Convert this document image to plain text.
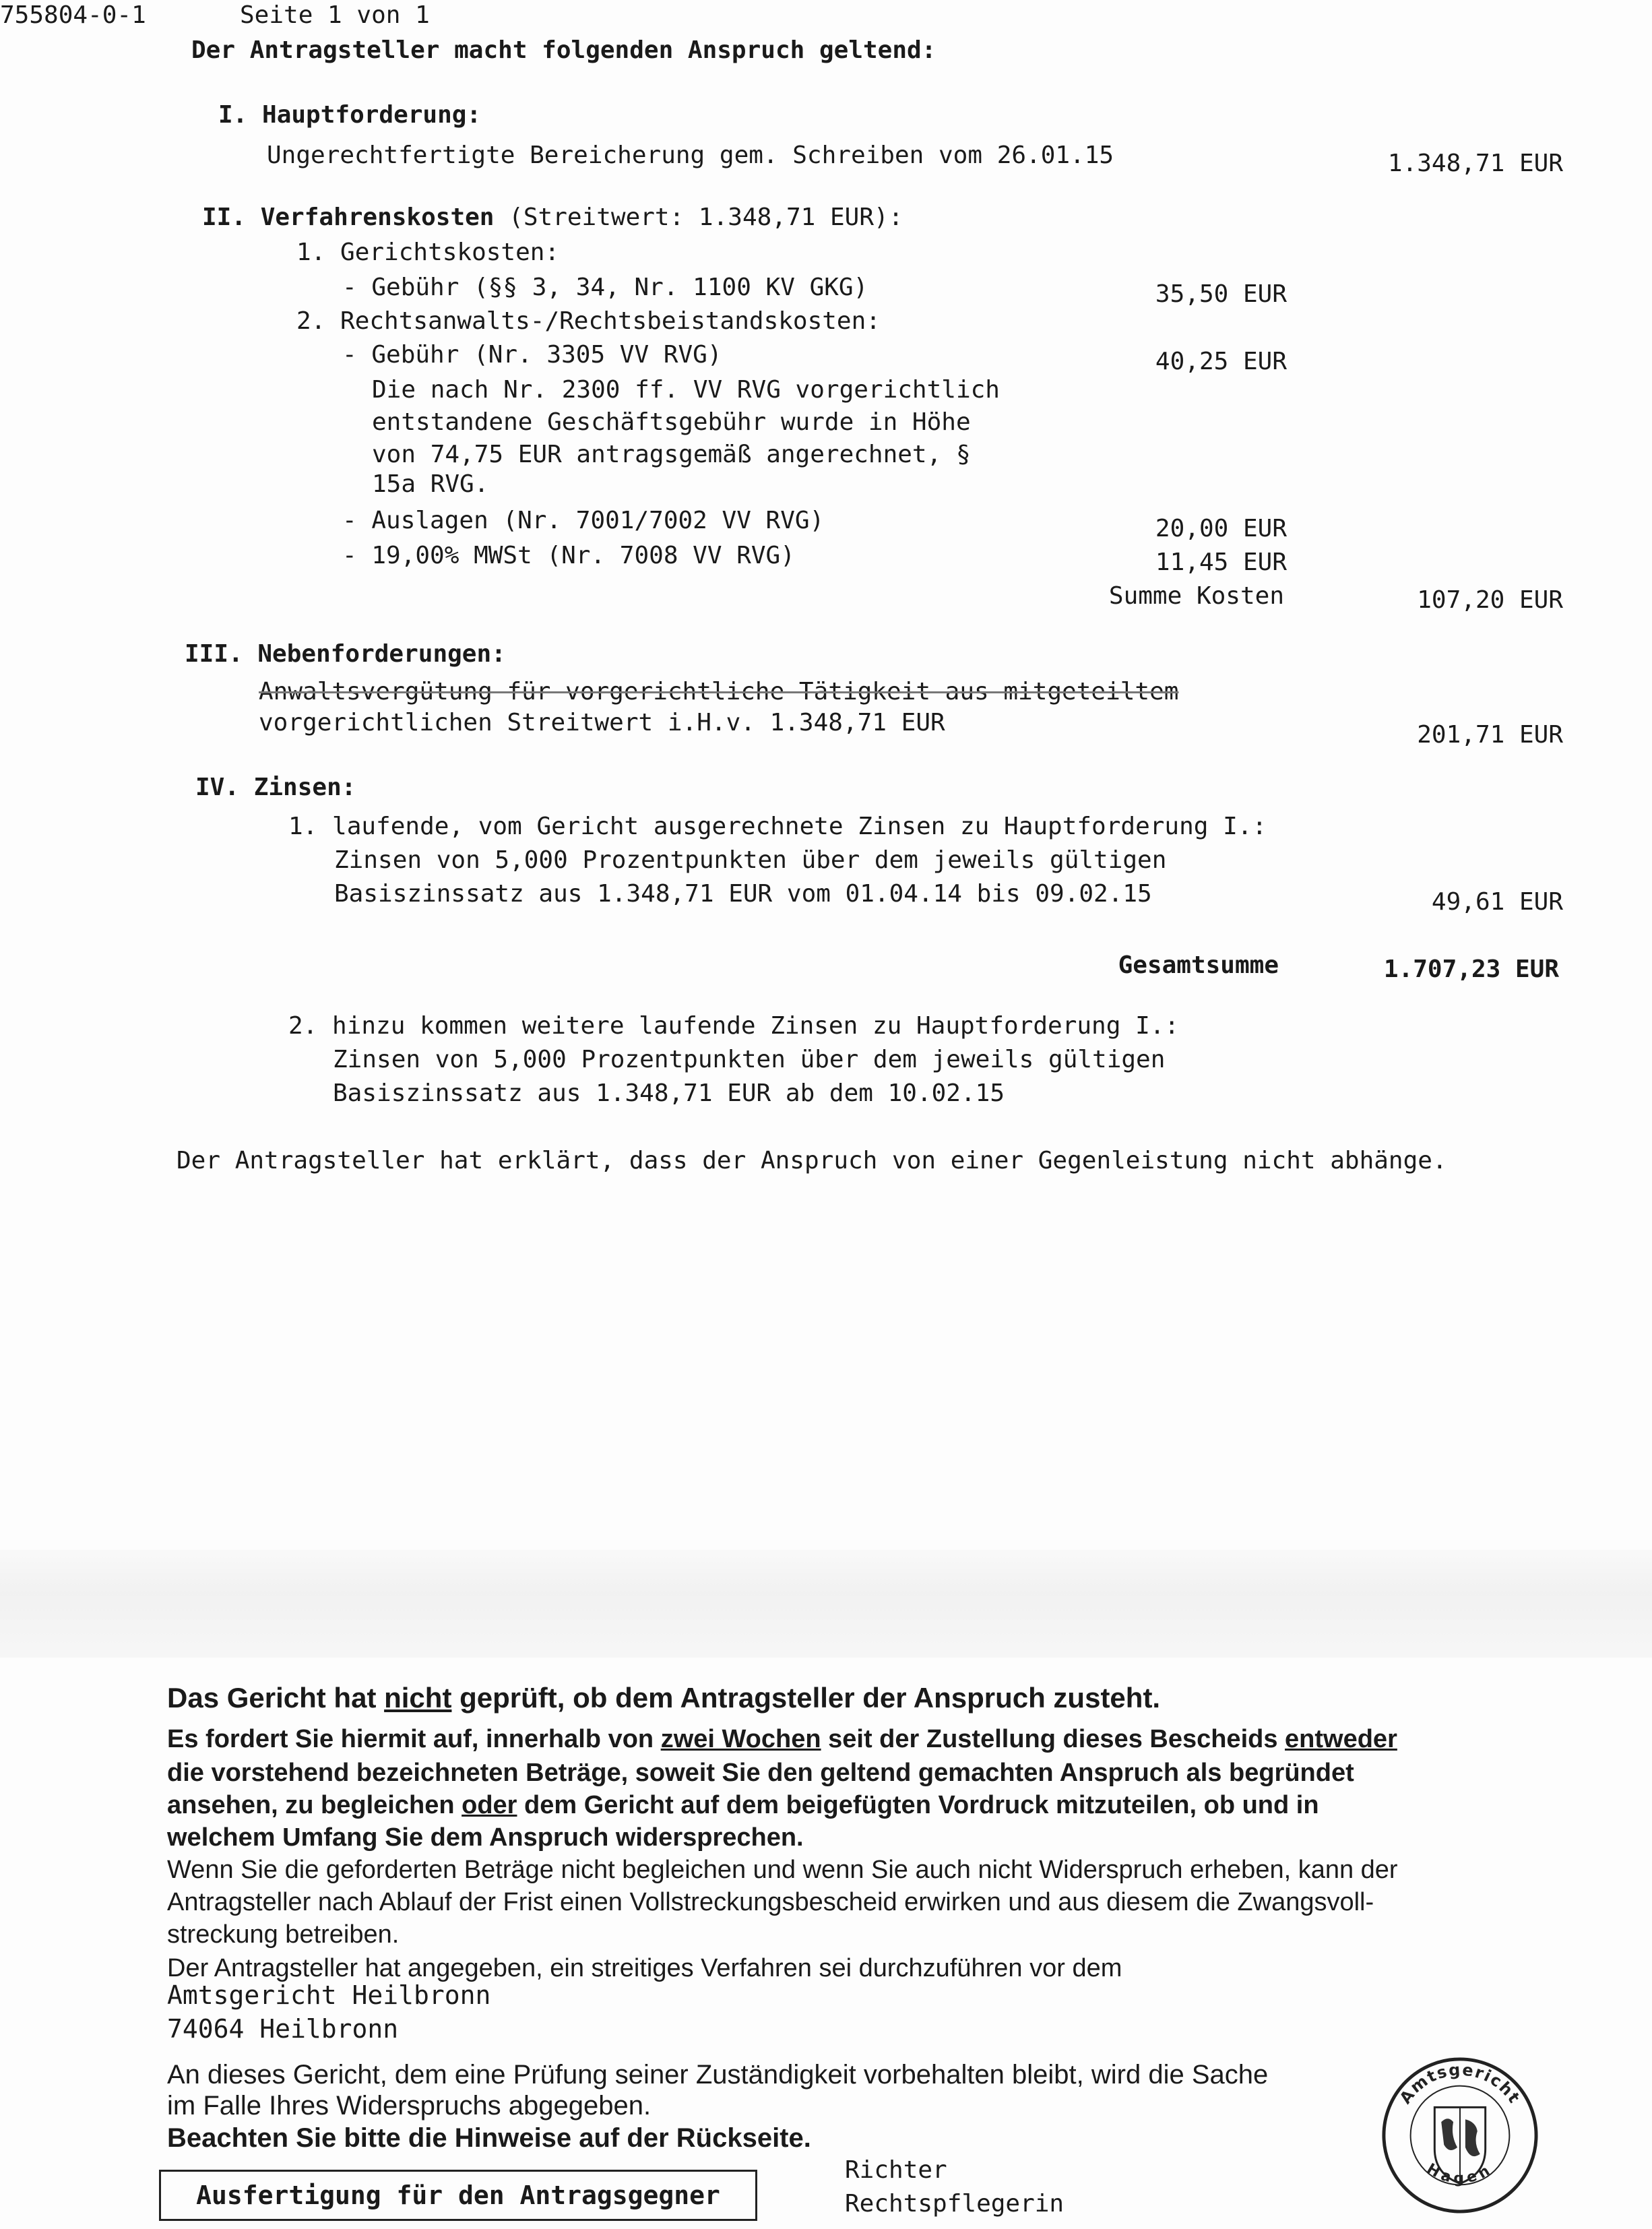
755804-0-1	Seite 1 von 1
Der Antragsteller macht folgenden Anspruch geltend:
I. Hauptforderung:
Ungerechtfertigte Bereicherung gem. Schreiben vom 26.01.15	1.348,71 EUR
II. Verfahrenskosten (Streitwert: 1.348,71 EUR):
1. Gerichtskosten:
- Gebühr (§§ 3, 34, Nr. 1100 KV GKG)	35,50 EUR
2. Rechtsanwalts-/Rechtsbeistandskosten:
- Gebühr (Nr. 3305 VV RVG)	40,25 EUR
Die nach Nr. 2300 ff. VV RVG vorgerichtlich
entstandene Geschäftsgebühr wurde in Höhe
von 74,75 EUR antragsgemäß angerechnet, §
15a RVG.
- Auslagen (Nr. 7001/7002 VV RVG)	20,00 EUR
- 19,00% MWSt (Nr. 7008 VV RVG)	11,45 EUR
Summe Kosten	107,20 EUR
III. Nebenforderungen:
Anwaltsvergütung für vorgerichtliche Tätigkeit aus mitgeteiltem
vorgerichtlichen Streitwert i.H.v. 1.348,71 EUR	201,71 EUR
IV. Zinsen:
1. laufende, vom Gericht ausgerechnete Zinsen zu Hauptforderung I.:
Zinsen von 5,000 Prozentpunkten über dem jeweils gültigen
Basiszinssatz aus 1.348,71 EUR vom 01.04.14 bis 09.02.15	49,61 EUR
Gesamtsumme	1.707,23 EUR
2. hinzu kommen weitere laufende Zinsen zu Hauptforderung I.:
Zinsen von 5,000 Prozentpunkten über dem jeweils gültigen
Basiszinssatz aus 1.348,71 EUR ab dem 10.02.15
Der Antragsteller hat erklärt, dass der Anspruch von einer Gegenleistung nicht abhänge.
Das Gericht hat nicht geprüft, ob dem Antragsteller der Anspruch zusteht.
Es fordert Sie hiermit auf, innerhalb von zwei Wochen seit der Zustellung dieses Bescheids entweder
die vorstehend bezeichneten Beträge, soweit Sie den geltend gemachten Anspruch als begründet
ansehen, zu begleichen oder dem Gericht auf dem beigefügten Vordruck mitzuteilen, ob und in
welchem Umfang Sie dem Anspruch widersprechen.
Wenn Sie die geforderten Beträge nicht begleichen und wenn Sie auch nicht Widerspruch erheben, kann der
Antragsteller nach Ablauf der Frist einen Vollstreckungsbescheid erwirken und aus diesem die Zwangsvoll-
streckung betreiben.
Der Antragsteller hat angegeben, ein streitiges Verfahren sei durchzuführen vor dem
Amtsgericht Heilbronn
74064 Heilbronn
An dieses Gericht, dem eine Prüfung seiner Zuständigkeit vorbehalten bleibt, wird die Sache
im Falle Ihres Widerspruchs abgegeben.
Beachten Sie bitte die Hinweise auf der Rückseite.
Ausfertigung für den Antragsgegner
Richter
Rechtspflegerin
Amtsgericht
Hagen
